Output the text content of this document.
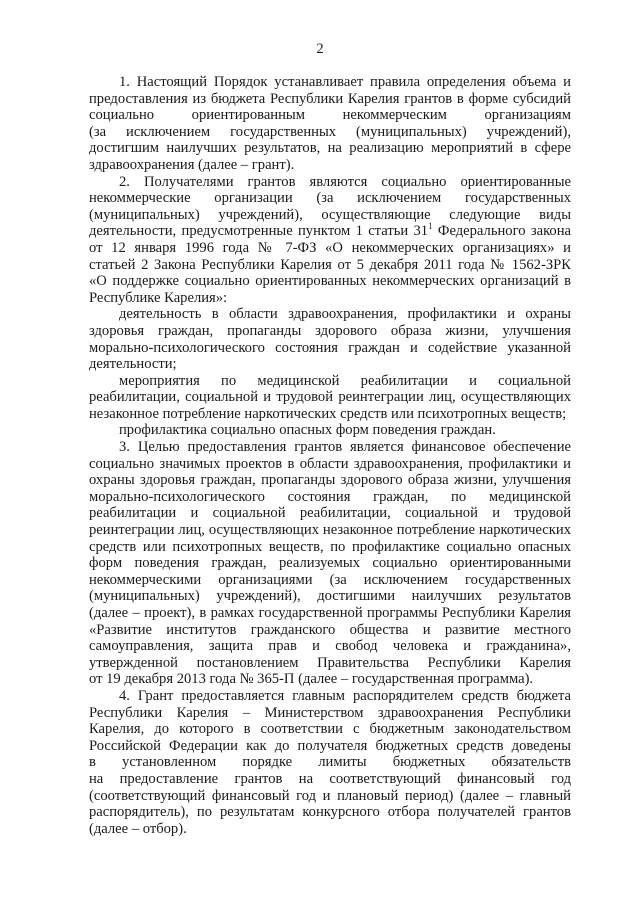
2
1. Настоящий Порядок устанавливает правила определения объема и
предоставления из бюджета Республики Карелия грантов в форме субсидий
социально ориентированным некоммерческим организациям
(за исключением государственных (муниципальных) учреждений),
достигшим наилучших результатов, на реализацию мероприятий в сфере
здравоохранения (далее – грант).
2. Получателями грантов являются социально ориентированные
некоммерческие организации (за исключением государственных
(муниципальных) учреждений), осуществляющие следующие виды
деятельности, предусмотренные пунктом 1 статьи $31^1$ Федерального закона
от 12 января 1996 года № 7-ФЗ «О некоммерческих организациях» и
статьей 2 Закона Республики Карелия от 5 декабря 2011 года № 1562-ЗРК
«О поддержке социально ориентированных некоммерческих организаций в
Республике Карелия»:
деятельность в области здравоохранения, профилактики и охраны
здоровья граждан, пропаганды здорового образа жизни, улучшения
морально-психологического состояния граждан и содействие указанной
деятельности;
мероприятия по медицинской реабилитации и социальной
реабилитации, социальной и трудовой реинтеграции лиц, осуществляющих
незаконное потребление наркотических средств или психотропных веществ;
профилактика социально опасных форм поведения граждан.
3. Целью предоставления грантов является финансовое обеспечение
социально значимых проектов в области здравоохранения, профилактики и
охраны здоровья граждан, пропаганды здорового образа жизни, улучшения
морально-психологического состояния граждан, по медицинской
реабилитации и социальной реабилитации, социальной и трудовой
реинтеграции лиц, осуществляющих незаконное потребление наркотических
средств или психотропных веществ, по профилактике социально опасных
форм поведения граждан, реализуемых социально ориентированными
некоммерческими организациями (за исключением государственных
(муниципальных) учреждений), достигшими наилучших результатов
(далее – проект), в рамках государственной программы Республики Карелия
«Развитие институтов гражданского общества и развитие местного
самоуправления, защита прав и свобод человека и гражданина»,
утвержденной постановлением Правительства Республики Карелия
от 19 декабря 2013 года № 365-П (далее – государственная программа).
4. Грант предоставляется главным распорядителем средств бюджета
Республики Карелия – Министерством здравоохранения Республики
Карелия, до которого в соответствии с бюджетным законодательством
Российской Федерации как до получателя бюджетных средств доведены
в установленном порядке лимиты бюджетных обязательств
на предоставление грантов на соответствующий финансовый год
(соответствующий финансовый год и плановый период) (далее – главный
распорядитель), по результатам конкурсного отбора получателей грантов
(далее – отбор).
